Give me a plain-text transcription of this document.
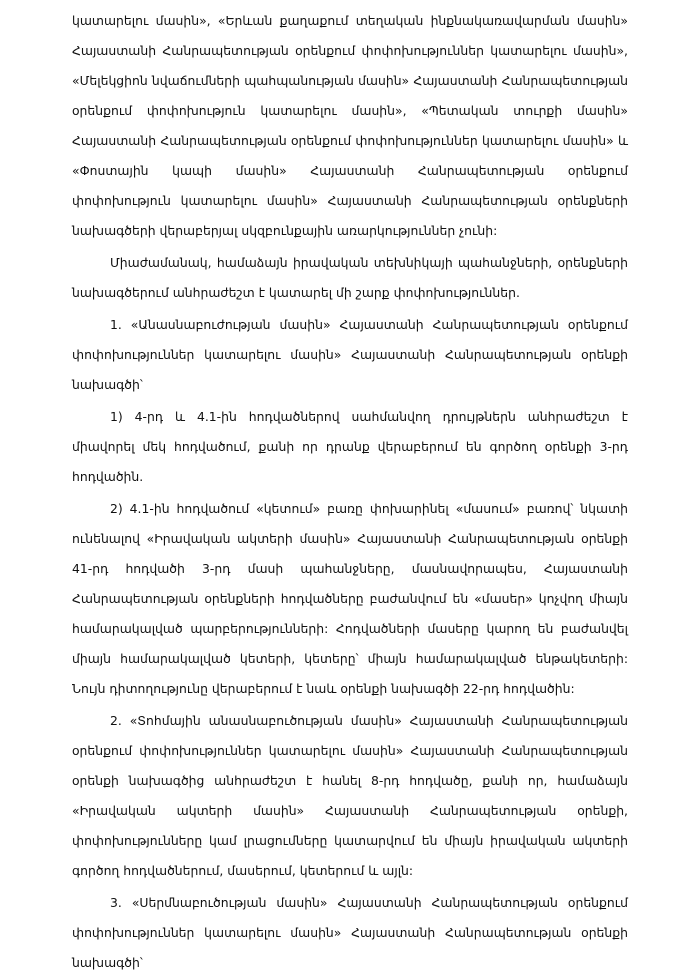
կատարելու մասին», «Երևան քաղաքում տեղական ինքնակառավարման մասին» Հայաստանի Հանրապետության օրենքում փոփոխություններ կատարելու մասին», «Մելեկցիոն նվաճումների պահպանության մասին» Հայաստանի Հանրապետության օրենքում փոփոխություն կատարելու մասին», «Պետական տուրքի մասին» Հայաստանի Հանրապետության օրենքում փոփոխություններ կատարելու մասին» և «Փոստային կապի մասին» Հայաստանի Հանրապետության օրենքում փոփոխություն կատարելու մասին» Հայաստանի Հանրապետության օրենքների նախագծերի վերաբերյալ սկզբունքային առարկություններ չունի:

Միաժամանակ, համաձայն իրավական տեխնիկայի պահանջների, օրենքների նախագծերում անհրաժեշտ է կատարել մի շարք փոփոխություններ.

1. «Անասնաբուժության մասին» Հայաստանի Հանրապետության օրենքում փոփոխություններ կատարելու մասին» Հայաստանի Հանրապետության օրենքի նախագծի՝

1) 4-րդ և 4.1-ին հոդվածներով սահմանվող դրույթներն անհրաժեշտ է միավորել մեկ հոդվածում, քանի որ դրանք վերաբերում են գործող օրենքի 3-րդ հոդվածին.

2) 4.1-ին հոդվածում «կետում» բառը փոխարինել «մասում» բառով՝ նկատի ունենալով «Իրավական ակտերի մասին» Հայաստանի Հանրապետության օրենքի 41-րդ հոդվածի 3-րդ մասի պահանջները, մասնավորապես, Հայաստանի Հանրապետության օրենքների հոդվածները բաժանվում են «մասեր» կոչվող միայն համարակալված պարբերությունների: Հոդվածների մասերը կարող են բաժանվել միայն համարակալված կետերի, կետերը՝ միայն համարակալված ենթակետերի: Նույն դիտողությունը վերաբերում է նաև օրենքի նախագծի 22-րդ հոդվածին:

2. «Տոհմային անասնաբուծության մասին» Հայաստանի Հանրապետության օրենքում փոփոխություններ կատարելու մասին» Հայաստանի Հանրապետության օրենքի նախագծից անհրաժեշտ է հանել 8-րդ հոդվածը, քանի որ, համաձայն «Իրավական ակտերի մասին» Հայաստանի Հանրապետության օրենքի, փոփոխությունները կամ լրացումները կատարվում են միայն իրավական ակտերի գործող հոդվածներում, մասերում, կետերում և այլն:

3. «Սերմնաբուծության մասին» Հայաստանի Հանրապետության օրենքում փոփոխություններ կատարելու մասին» Հայաստանի Հանրապետության օրենքի նախագծի՝
